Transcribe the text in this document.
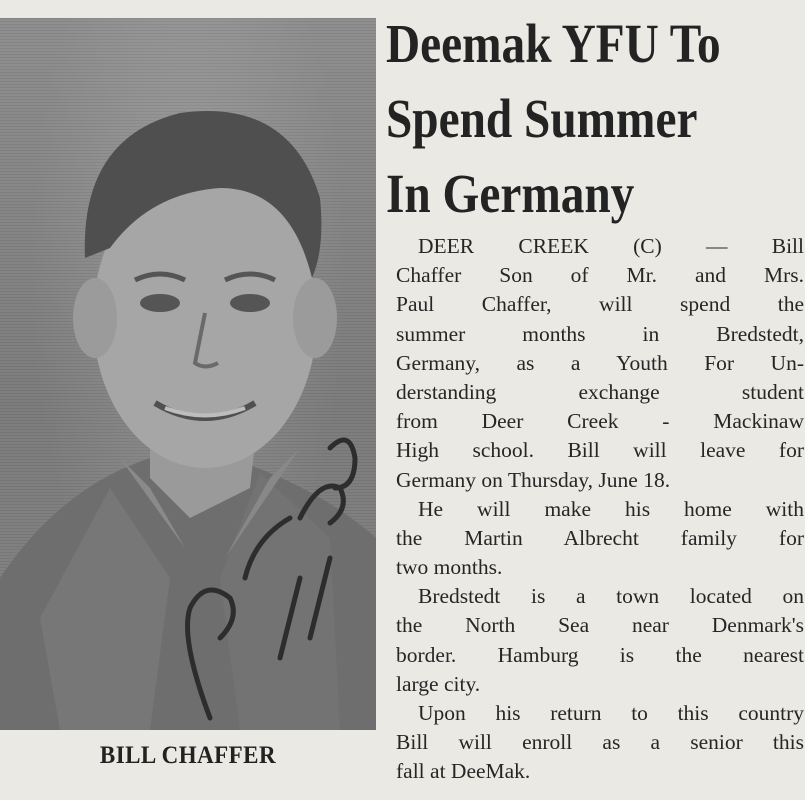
BILL CHAFFER
Deemak YFU To
Spend Summer
In Germany
DEER CREEK (C) — Bill
Chaffer Son of Mr. and Mrs.
Paul Chaffer, will spend the
summer months in Bredstedt,
Germany, as a Youth For Un-
derstanding exchange student
from Deer Creek - Mackinaw
High school. Bill will leave for
Germany on Thursday, June 18.
He will make his home with
the Martin Albrecht family for
two months.
Bredstedt is a town located on
the North Sea near Denmark's
border. Hamburg is the nearest
large city.
Upon his return to this country
Bill will enroll as a senior this
fall at DeeMak.
